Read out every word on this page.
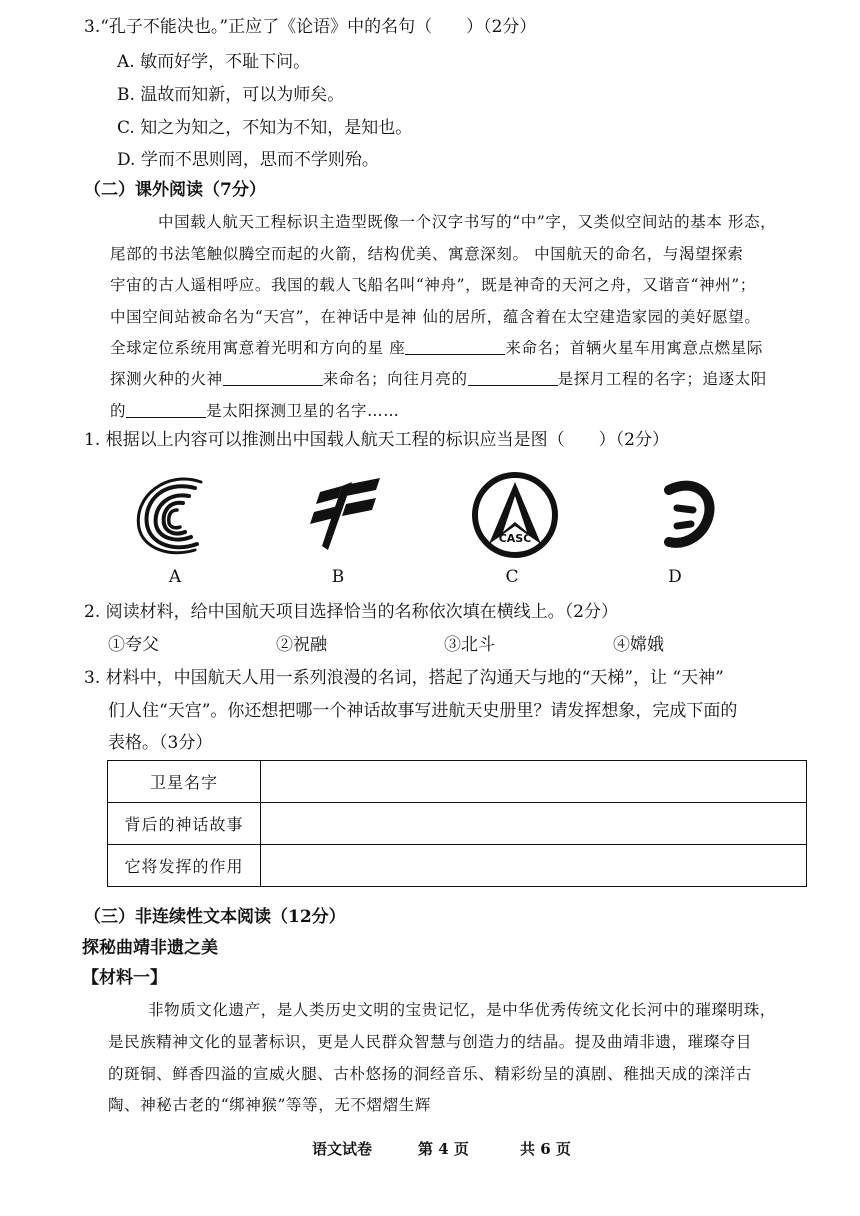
3.“孔子不能决也。”正应了《论语》中的名句（　　）（2分）
A. 敏而好学，不耻下问。
B. 温故而知新，可以为师矣。
C. 知之为知之，不知为不知，是知也。
D. 学而不思则罔，思而不学则殆。
（二）课外阅读（7分）
中国载人航天工程标识主造型既像一个汉字书写的“中”字，又类似空间站的基本 形态，
尾部的书法笔触似腾空而起的火箭，结构优美、寓意深刻。 中国航天的命名，与渴望探索
宇宙的古人遥相呼应。我国的载人飞船名叫“神舟”，既是神奇的天河之舟，又谐音“神州”；
中国空间站被命名为“天宫”，在神话中是神 仙的居所，蕴含着在太空建造家园的美好愿望。
全球定位系统用寓意着光明和方向的星 座	来命名；首辆火星车用寓意点燃星际
探测火种的火神	来命名；向往月亮的	是探月工程的名字；追逐太阳
的	是太阳探测卫星的名字……
1. 根据以上内容可以推测出中国载人航天工程的标识应当是图（　　）（2分）
A	B
CASC
C	D
2. 阅读材料，给中国航天项目选择恰当的名称依次填在横线上。（2分）
①夸父	②祝融	③北斗	④嫦娥
3. 材料中，中国航天人用一系列浪漫的名词，搭起了沟通天与地的“天梯”，让 “天神”
们人住“天宫”。你还想把哪一个神话故事写进航天史册里？请发挥想象，完成下面的
表格。（3分）
卫星名字	
背后的神话故事	
它将发挥的作用	
（三）非连续性文本阅读（12分）
探秘曲靖非遗之美
【材料一】
非物质文化遗产，是人类历史文明的宝贵记忆，是中华优秀传统文化长河中的璀璨明珠，
是民族精神文化的显著标识，更是人民群众智慧与创造力的结晶。提及曲靖非遗，璀璨夺目
的斑铜、鲜香四溢的宣威火腿、古朴悠扬的洞经音乐、精彩纷呈的滇剧、稚拙天成的滦洋古
陶、神秘古老的“绑神猴”等等，无不熠熠生辉
语文试卷	第 4 页	共 6 页
